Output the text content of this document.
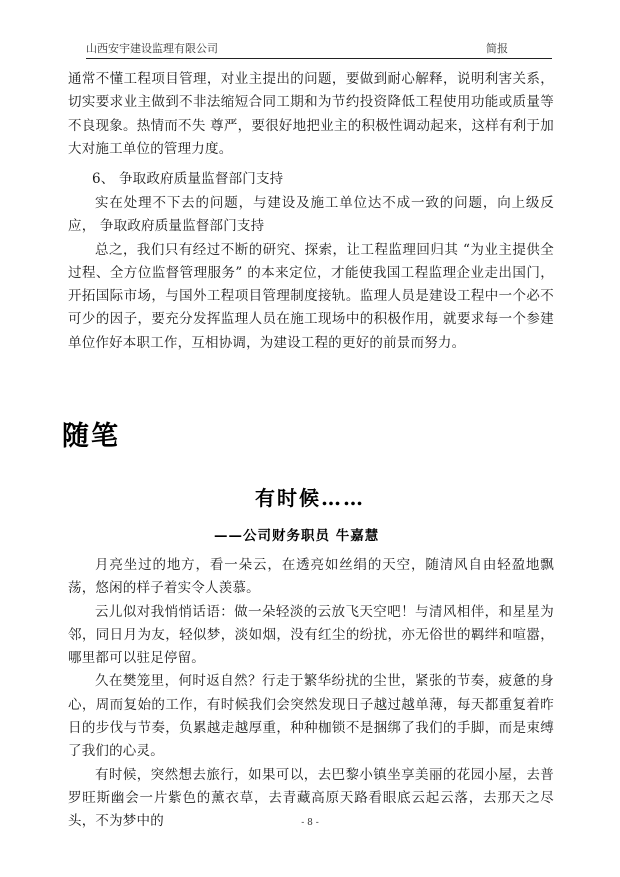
山西安宇建设监理有限公司	简报

通常不懂工程项目管理，对业主提出的问题，要做到耐心解释，说明利害关系，切实要求业主做到不非法缩短合同工期和为节约投资降低工程使用功能或质量等不良现象。热情而不失 尊严，要很好地把业主的积极性调动起来，这样有利于加大对施工单位的管理力度。

6、 争取政府质量监督部门支持

实在处理不下去的问题，与建设及施工单位达不成一致的问题，向上级反应， 争取政府质量监督部门支持

总之，我们只有经过不断的研究、探索，让工程监理回归其 “为业主提供全过程、全方位监督管理服务” 的本来定位，才能使我国工程监理企业走出国门，开拓国际市场，与国外工程项目管理制度接轨。监理人员是建设工程中一个必不可少的因子，要充分发挥监理人员在施工现场中的积极作用，就要求每一个参建单位作好本职工作，互相协调，为建设工程的更好的前景而努力。

随笔
有时候……
——公司财务职员 牛嘉慧

月亮坐过的地方，看一朵云，在透亮如丝绢的天空，随清风自由轻盈地飘荡，悠闲的样子着实令人羡慕。

云儿似对我悄悄话语：做一朵轻淡的云放飞天空吧！与清风相伴，和星星为邻，同日月为友，轻似梦，淡如烟，没有红尘的纷扰，亦无俗世的羁绊和喧嚣，哪里都可以驻足停留。

久在樊笼里，何时返自然？行走于繁华纷扰的尘世，紧张的节奏，疲惫的身心，周而复始的工作，有时候我们会突然发现日子越过越单薄，每天都重复着昨日的步伐与节奏，负累越走越厚重，种种枷锁不是捆绑了我们的手脚，而是束缚了我们的心灵。

有时候，突然想去旅行，如果可以，去巴黎小镇坐享美丽的花园小屋，去普罗旺斯幽会一片紫色的薰衣草，去青藏高原天路看眼底云起云落，去那天之尽头，不为梦中的	- 8 -
